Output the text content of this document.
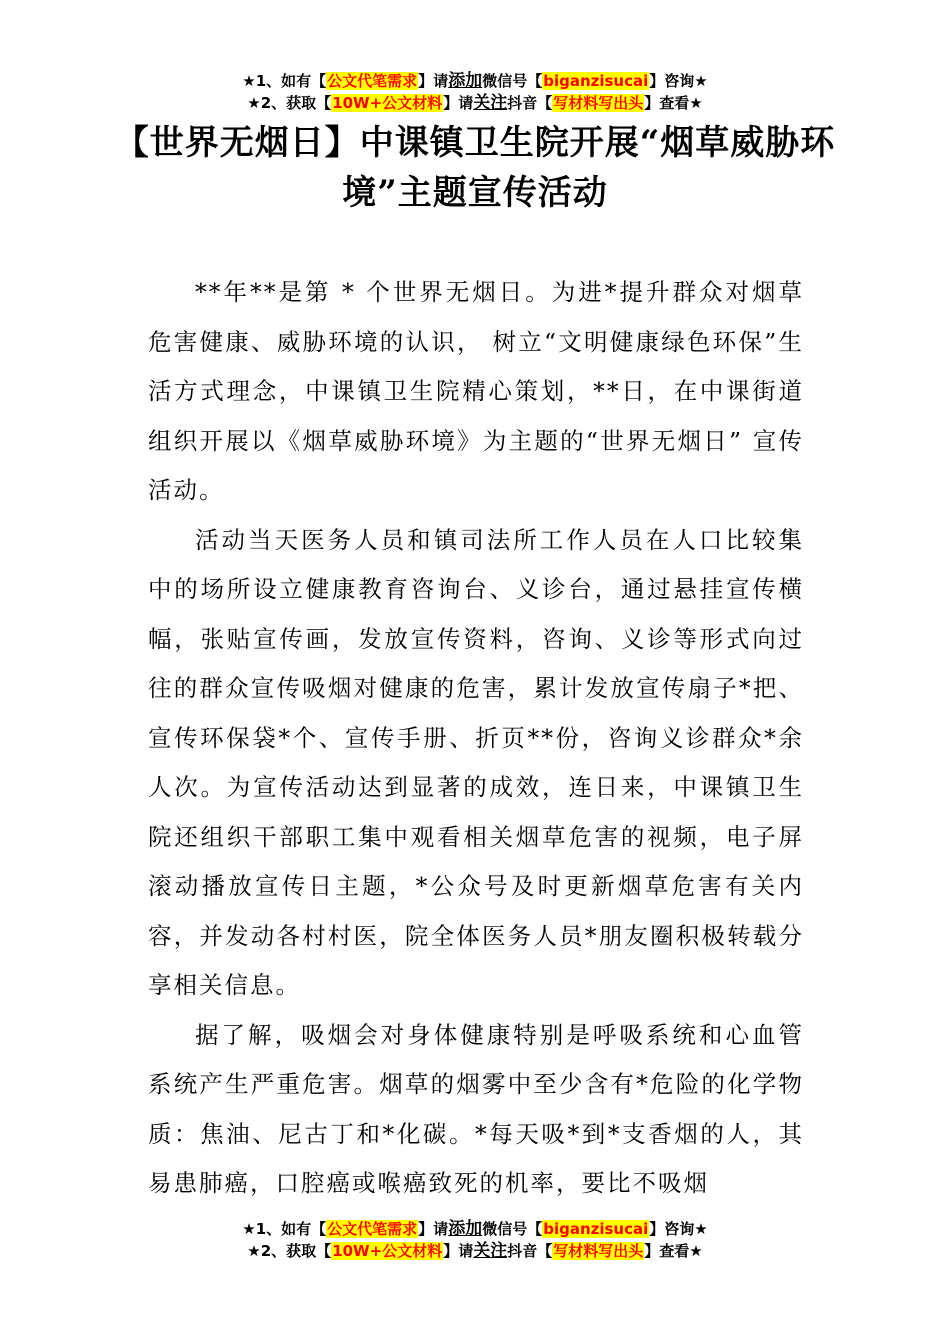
★1、如有【公文代笔需求】请添加微信号【biganzisucai】咨询★
★2、获取【10W+公文材料】请关注抖音【写材料写出头】查看★
【世界无烟日】中课镇卫生院开展“烟草威胁环境”主题宣传活动

**年**是第 * 个世界无烟日。为进*提升群众对烟草危害健康、威胁环境的认识， 树立“文明健康绿色环保”生活方式理念，中课镇卫生院精心策划，**日，在中课街道组织开展以《烟草威胁环境》为主题的“世界无烟日” 宣传活动。

活动当天医务人员和镇司法所工作人员在人口比较集中的场所设立健康教育咨询台、义诊台，通过悬挂宣传横幅，张贴宣传画，发放宣传资料，咨询、义诊等形式向过往的群众宣传吸烟对健康的危害，累计发放宣传扇子*把、宣传环保袋*个、宣传手册、折页**份，咨询义诊群众*余人次。为宣传活动达到显著的成效，连日来，中课镇卫生院还组织干部职工集中观看相关烟草危害的视频，电子屏滚动播放宣传日主题，*公众号及时更新烟草危害有关内容，并发动各村村医，院全体医务人员*朋友圈积极转载分享相关信息。

据了解，吸烟会对身体健康特别是呼吸系统和心血管系统产生严重危害。烟草的烟雾中至少含有*危险的化学物质：焦油、尼古丁和*化碳。*每天吸*到*支香烟的人，其易患肺癌，口腔癌或喉癌致死的机率，要比不吸烟

★1、如有【公文代笔需求】请添加微信号【biganzisucai】咨询★
★2、获取【10W+公文材料】请关注抖音【写材料写出头】查看★
